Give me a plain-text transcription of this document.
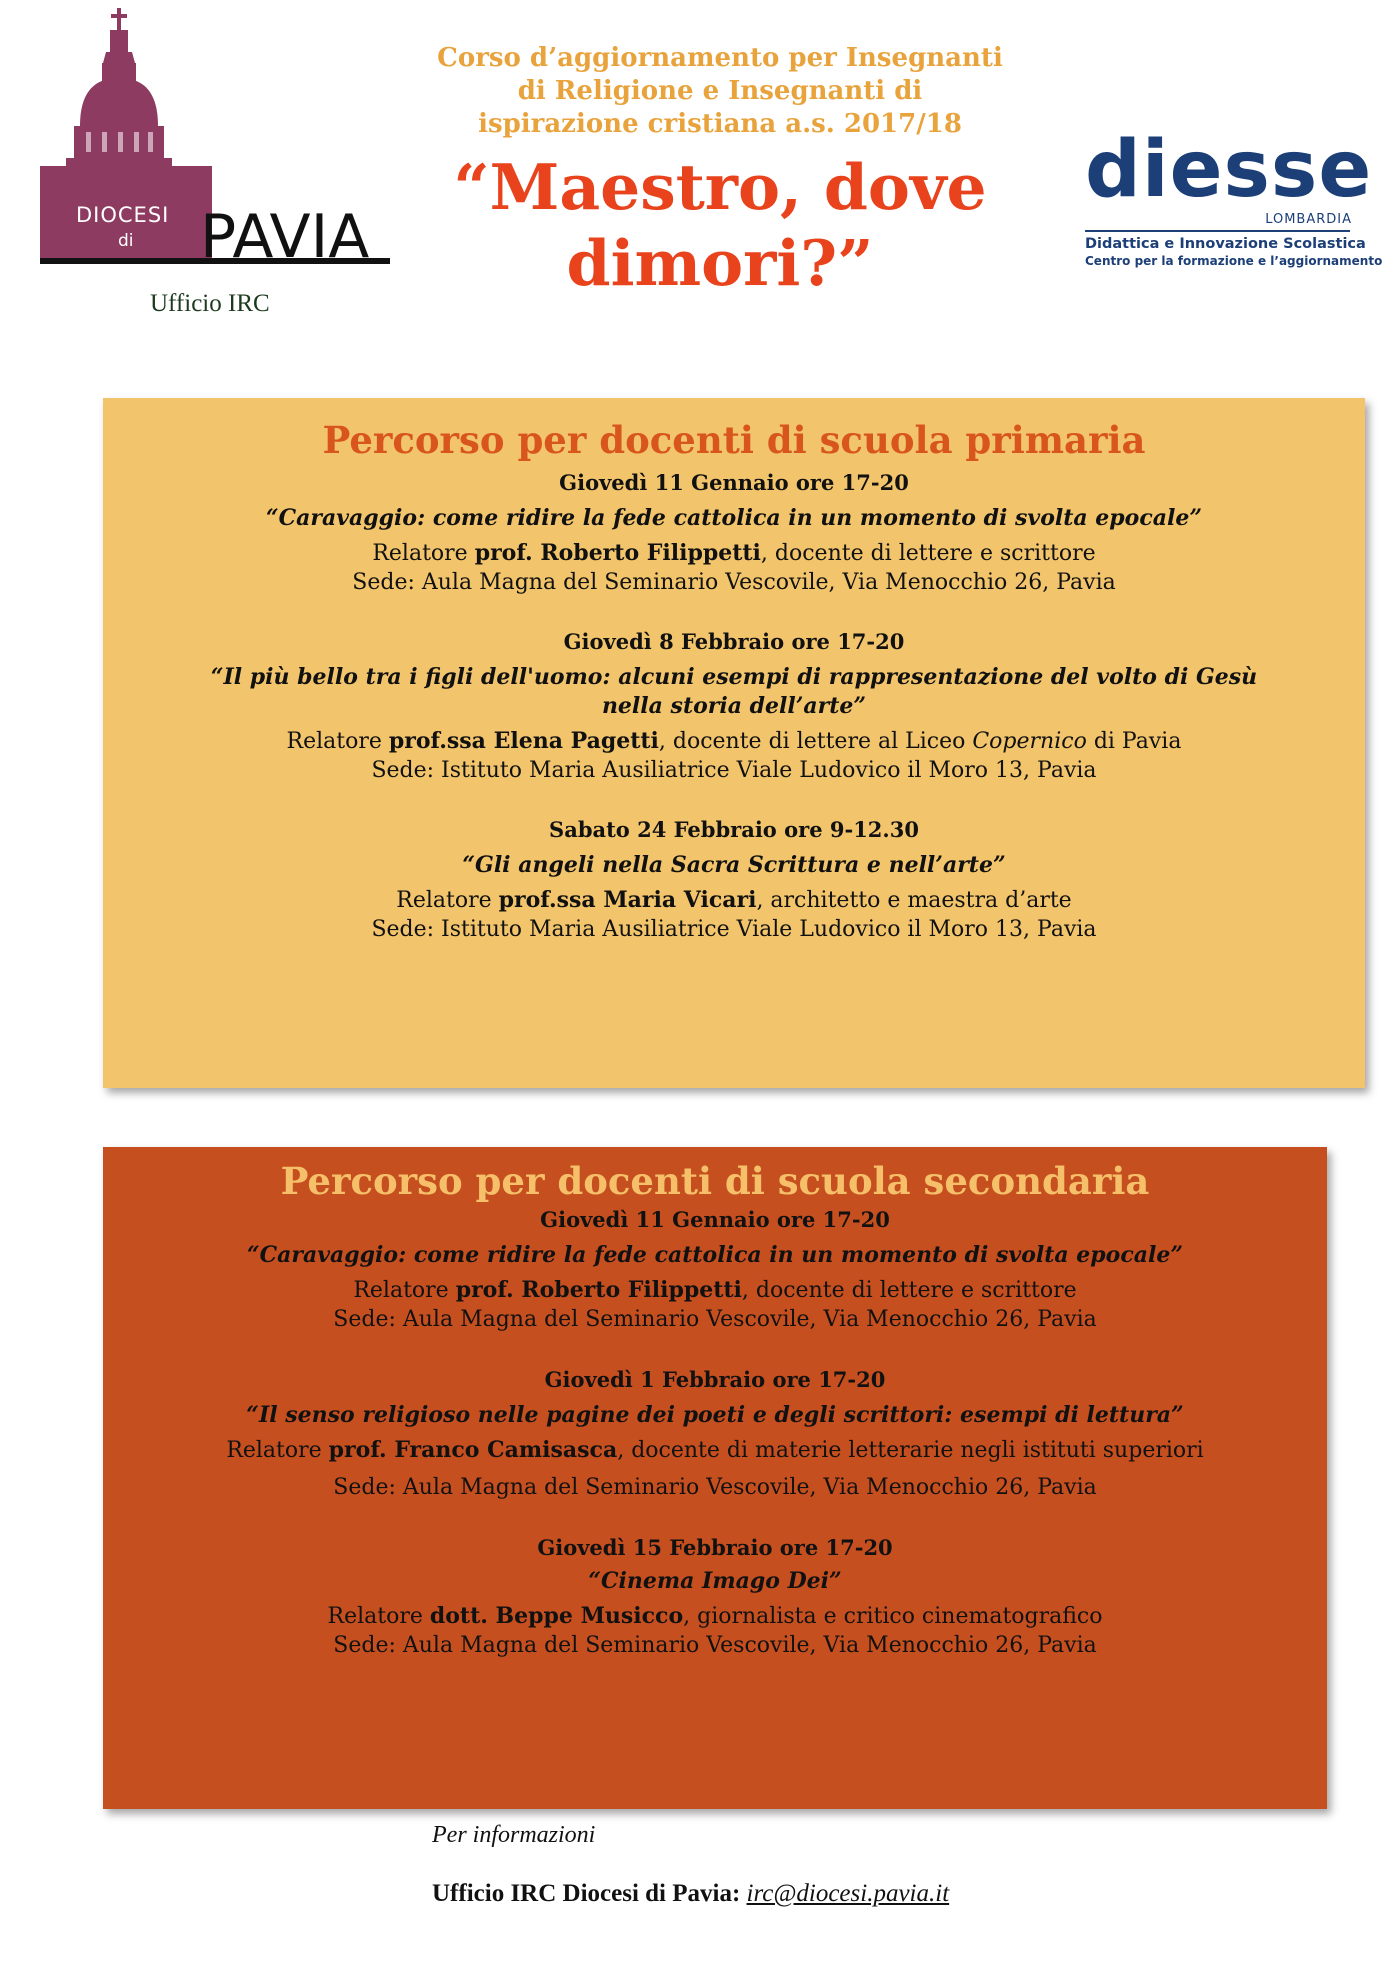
DIOCESI
di PAVIA
Ufficio IRC
Corso d’aggiornamento per Insegnanti
di Religione e Insegnanti di
ispirazione cristiana a.s. 2017/18
“Maestro, dove
dimori?”
diesse
LOMBARDIA
Didattica e Innovazione Scolastica
Centro per la formazione e l’aggiornamento
Percorso per docenti di scuola primaria
Giovedì 11 Gennaio ore 17-20
“Caravaggio: come ridire la fede cattolica in un momento di svolta epocale”
Relatore prof. Roberto Filippetti, docente di lettere e scrittore
Sede: Aula Magna del Seminario Vescovile, Via Menocchio 26, Pavia
Giovedì 8 Febbraio ore 17-20
“Il più bello tra i figli dell'uomo: alcuni esempi di rappresentazione del volto di Gesù
nella storia dell’arte”
Relatore prof.ssa Elena Pagetti, docente di lettere al Liceo Copernico di Pavia
Sede: Istituto Maria Ausiliatrice Viale Ludovico il Moro 13, Pavia
Sabato 24 Febbraio ore 9-12.30
“Gli angeli nella Sacra Scrittura e nell’arte”
Relatore prof.ssa Maria Vicari, architetto e maestra d’arte
Sede: Istituto Maria Ausiliatrice Viale Ludovico il Moro 13, Pavia
Percorso per docenti di scuola secondaria
Giovedì 11 Gennaio ore 17-20
“Caravaggio: come ridire la fede cattolica in un momento di svolta epocale”
Relatore prof. Roberto Filippetti, docente di lettere e scrittore
Sede: Aula Magna del Seminario Vescovile, Via Menocchio 26, Pavia
Giovedì 1 Febbraio ore 17-20
“Il senso religioso nelle pagine dei poeti e degli scrittori: esempi di lettura”
Relatore prof. Franco Camisasca, docente di materie letterarie negli istituti superiori
Sede: Aula Magna del Seminario Vescovile, Via Menocchio 26, Pavia
Giovedì 15 Febbraio ore 17-20
“Cinema Imago Dei”
Relatore dott. Beppe Musicco, giornalista e critico cinematografico
Sede: Aula Magna del Seminario Vescovile, Via Menocchio 26, Pavia
Per informazioni
Ufficio IRC Diocesi di Pavia: irc@diocesi.pavia.it
